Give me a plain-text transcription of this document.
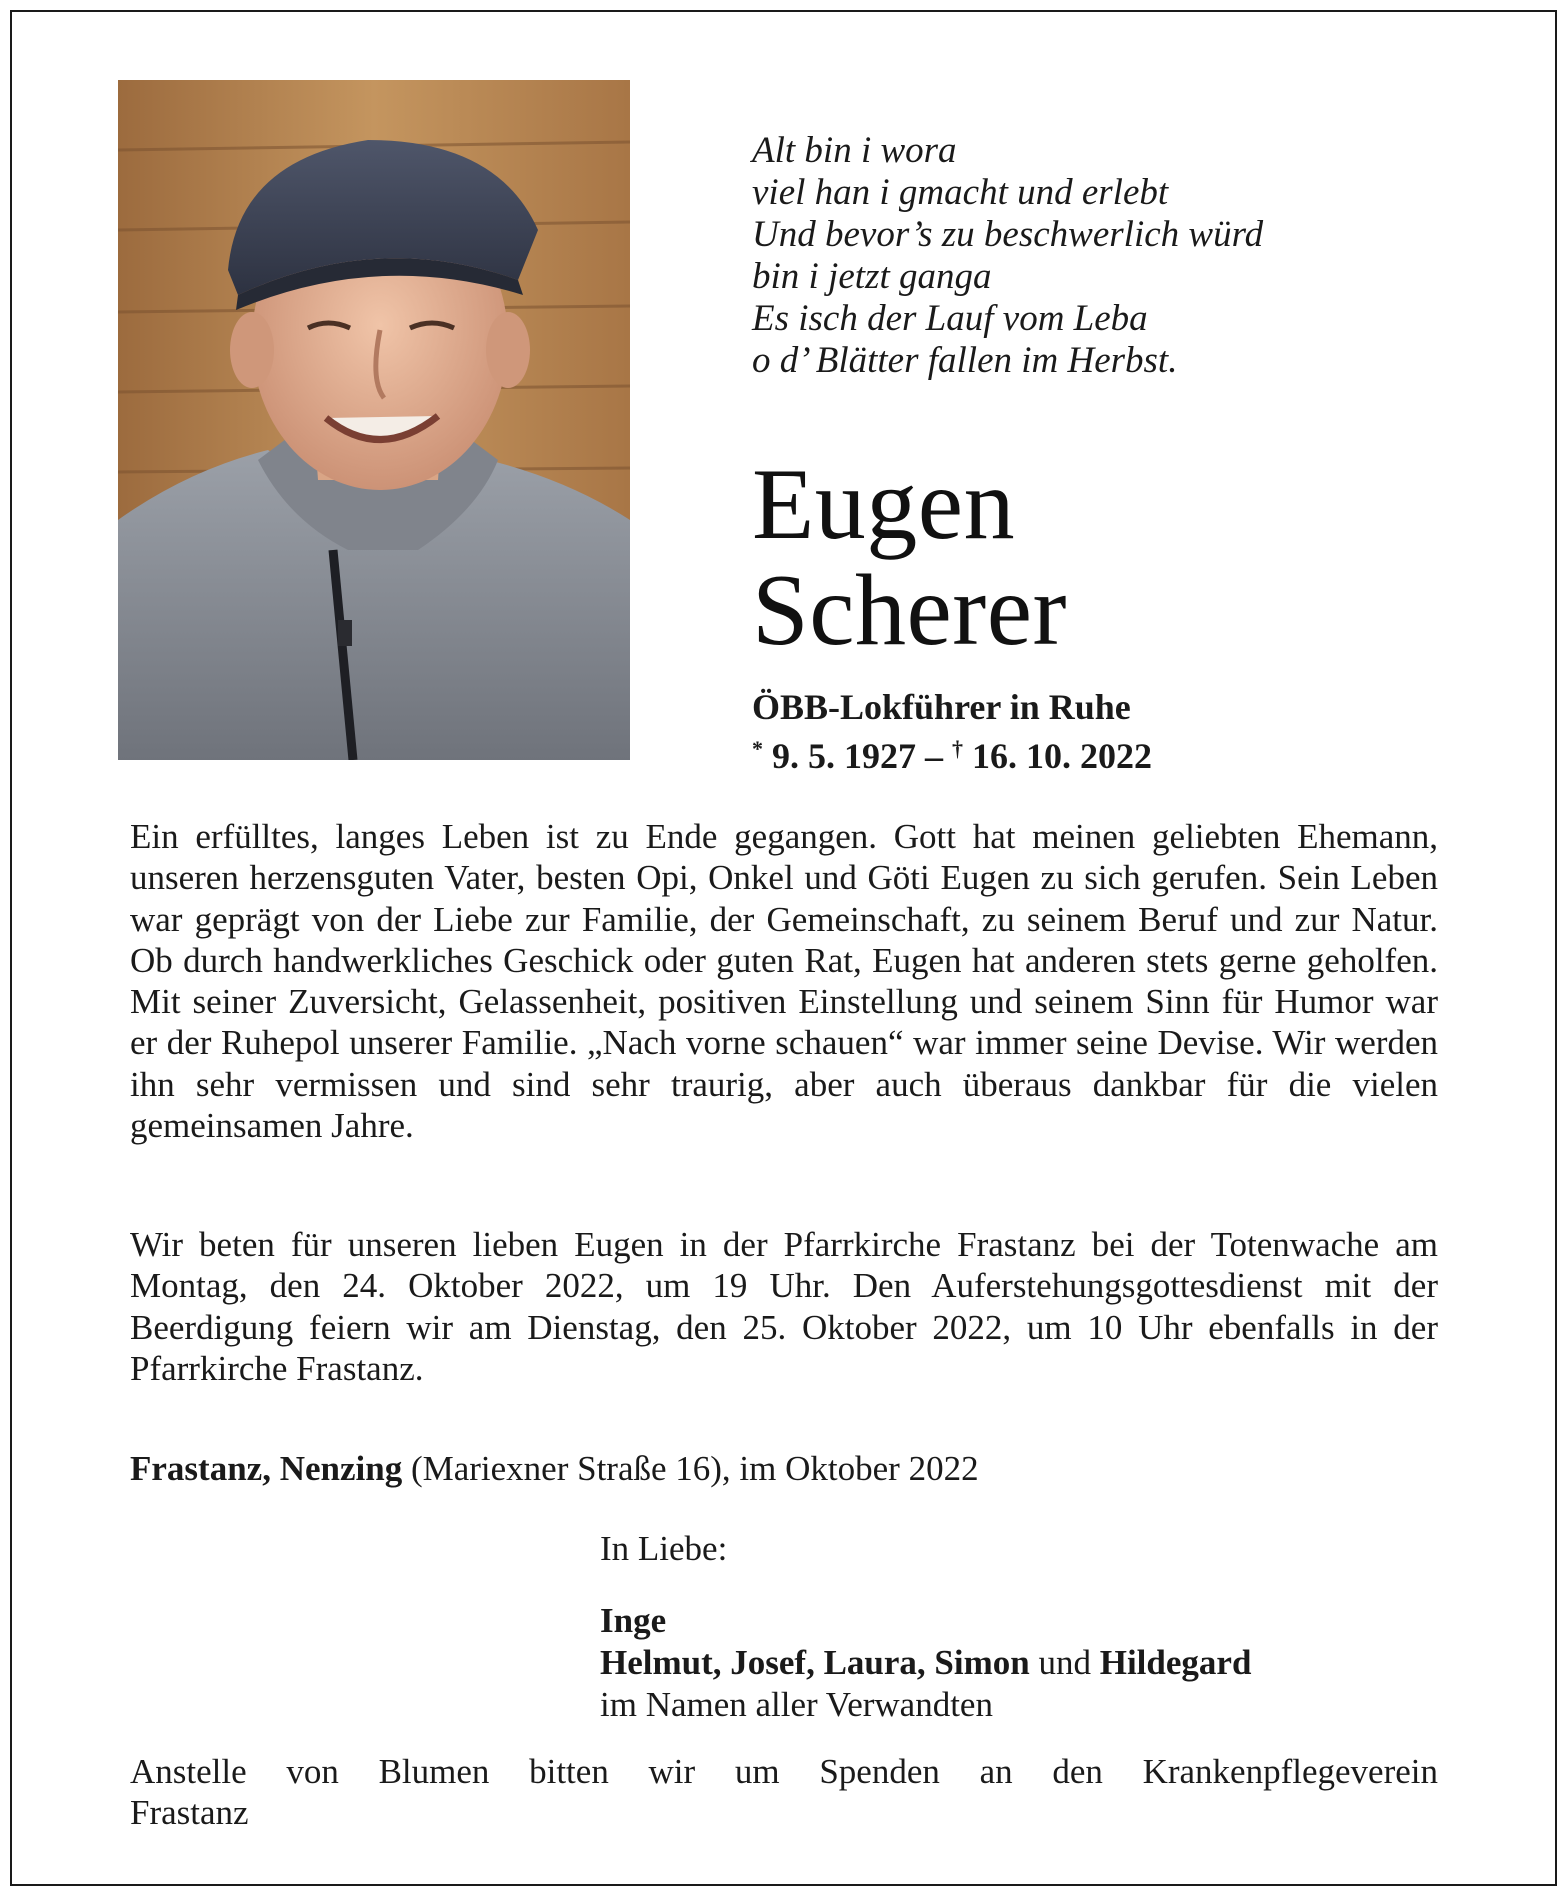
Alt bin i wora
viel han i gmacht und erlebt
Und bevor’s zu beschwerlich würd
bin i jetzt ganga
Es isch der Lauf vom Leba
o d’ Blätter fallen im Herbst.
Eugen
Scherer
ÖBB-Lokführer in Ruhe
* 9. 5. 1927 – † 16. 10. 2022

Ein erfülltes, langes Leben ist zu Ende gegangen. Gott hat meinen geliebten Ehemann, unseren herzensguten Vater, besten Opi, Onkel und Göti Eugen zu sich gerufen. Sein Leben war geprägt von der Liebe zur Familie, der Gemeinschaft, zu seinem Beruf und zur Natur. Ob durch handwerkliches Geschick oder guten Rat, Eugen hat anderen stets gerne geholfen. Mit seiner Zuversicht, Gelassenheit, positiven Einstellung und seinem Sinn für Humor war er der Ruhepol unserer Familie. „Nach vorne schauen“ war immer seine Devise. Wir werden ihn sehr vermissen und sind sehr traurig, aber auch überaus dankbar für die vielen gemeinsamen Jahre.

Wir beten für unseren lieben Eugen in der Pfarrkirche Frastanz bei der Totenwache am Montag, den 24. Oktober 2022, um 19 Uhr. Den Auferstehungsgottesdienst mit der Beerdigung feiern wir am Dienstag, den 25. Oktober 2022, um 10 Uhr ebenfalls in der Pfarrkirche Frastanz.

Frastanz, Nenzing (Mariexner Straße 16), im Oktober 2022
In Liebe:
Inge
Helmut, Josef, Laura, Simon und Hildegard
im Namen aller Verwandten
Anstelle von Blumen bitten wir um Spenden an den Krankenpflegeverein
Frastanz
